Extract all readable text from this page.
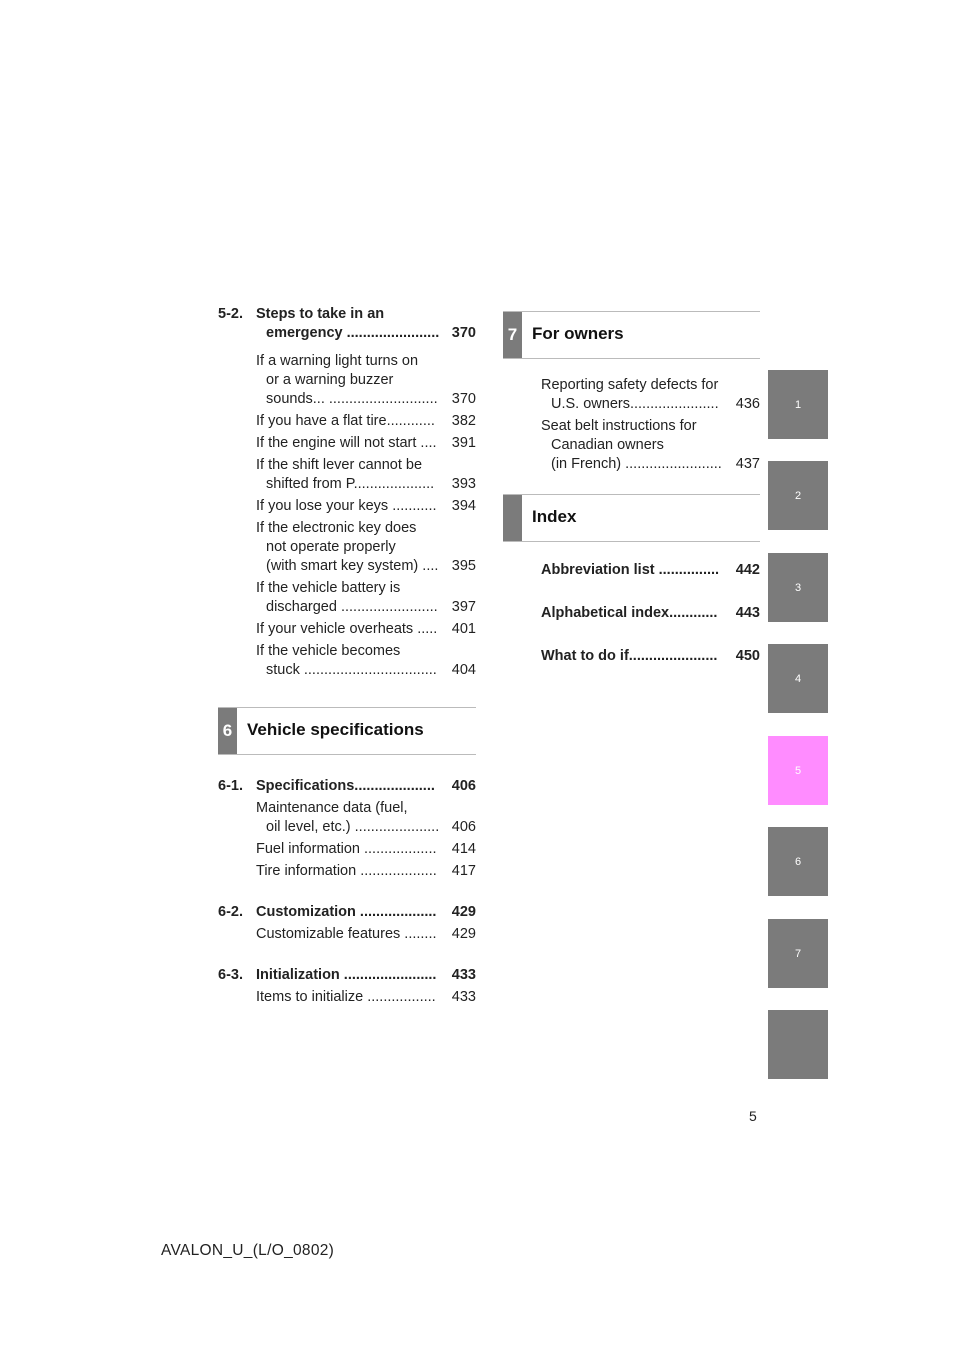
5-2. Steps to take in an
emergency ....................... 370
If a warning light turns on
or a warning buzzer
sounds... ........................... 370
If you have a flat tire............	382
If the engine will not start ....	391
If the shift lever cannot be
shifted from P....................	393
If you lose your keys ...........	394
If the electronic key does
not operate properly
(with smart key system) .... 395
If the vehicle battery is
discharged ........................ 397
If your vehicle overheats ..... 401
If the vehicle becomes
stuck .................................	404
6 Vehicle specifications
6-1. Specifications....................	406
Maintenance data (fuel,
oil level, etc.) ..................... 406
Fuel information ..................	414
Tire information ...................	417
6-2. Customization ...................	429
Customizable features ........	429
6-3. Initialization .......................	433
Items to initialize .................	433
7 For owners
Reporting safety defects for
U.S. owners......................	436
Seat belt instructions for
Canadian owners
(in French) ........................ 437
Index
Abbreviation list ...............	442
Alphabetical index............	443
What to do if......................	450
1
2
3
4
5
6
7
5
AVALON_U_(L/O_0802)
